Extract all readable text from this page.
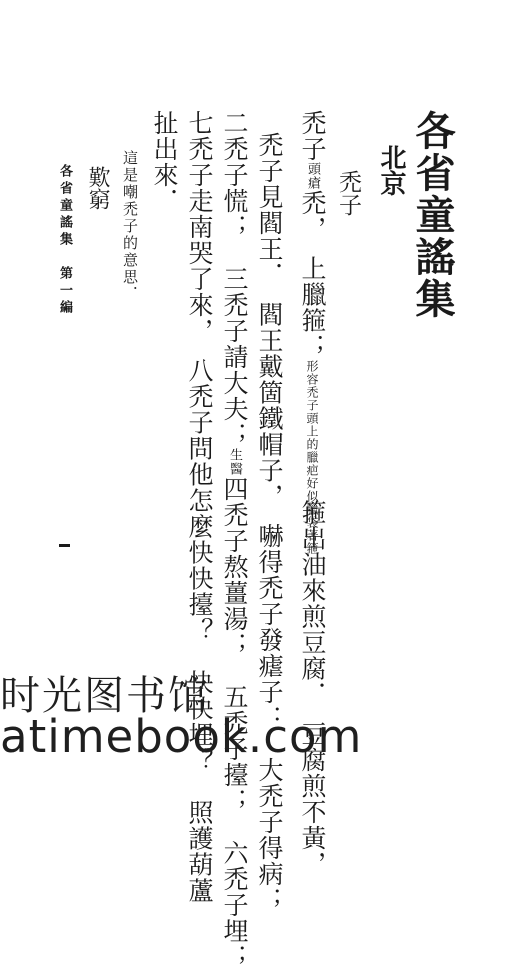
各省童謠集
北京
禿子
禿子頭瘡禿，　上臘箍；形容禿子頭上的臘疤好似臘袋著箍箍出油來煎豆腐．　豆腐煎不黃，
禿子見閻王．　閻王戴箇鐵帽子，　嚇得禿子發瘧子：　大禿子得病；
二禿子慌；　三禿子請大夫；生醫四禿子熬薑湯；　五禿子擡；　六禿子埋；
七禿子走南哭了來，　八禿子問他怎麼快快擡？　快快埋？　照護葫蘆
扯出來．
這是嘲禿子的意思．
歎窮
各省童謠集　第一編
时光图书馆
atimebook.com
